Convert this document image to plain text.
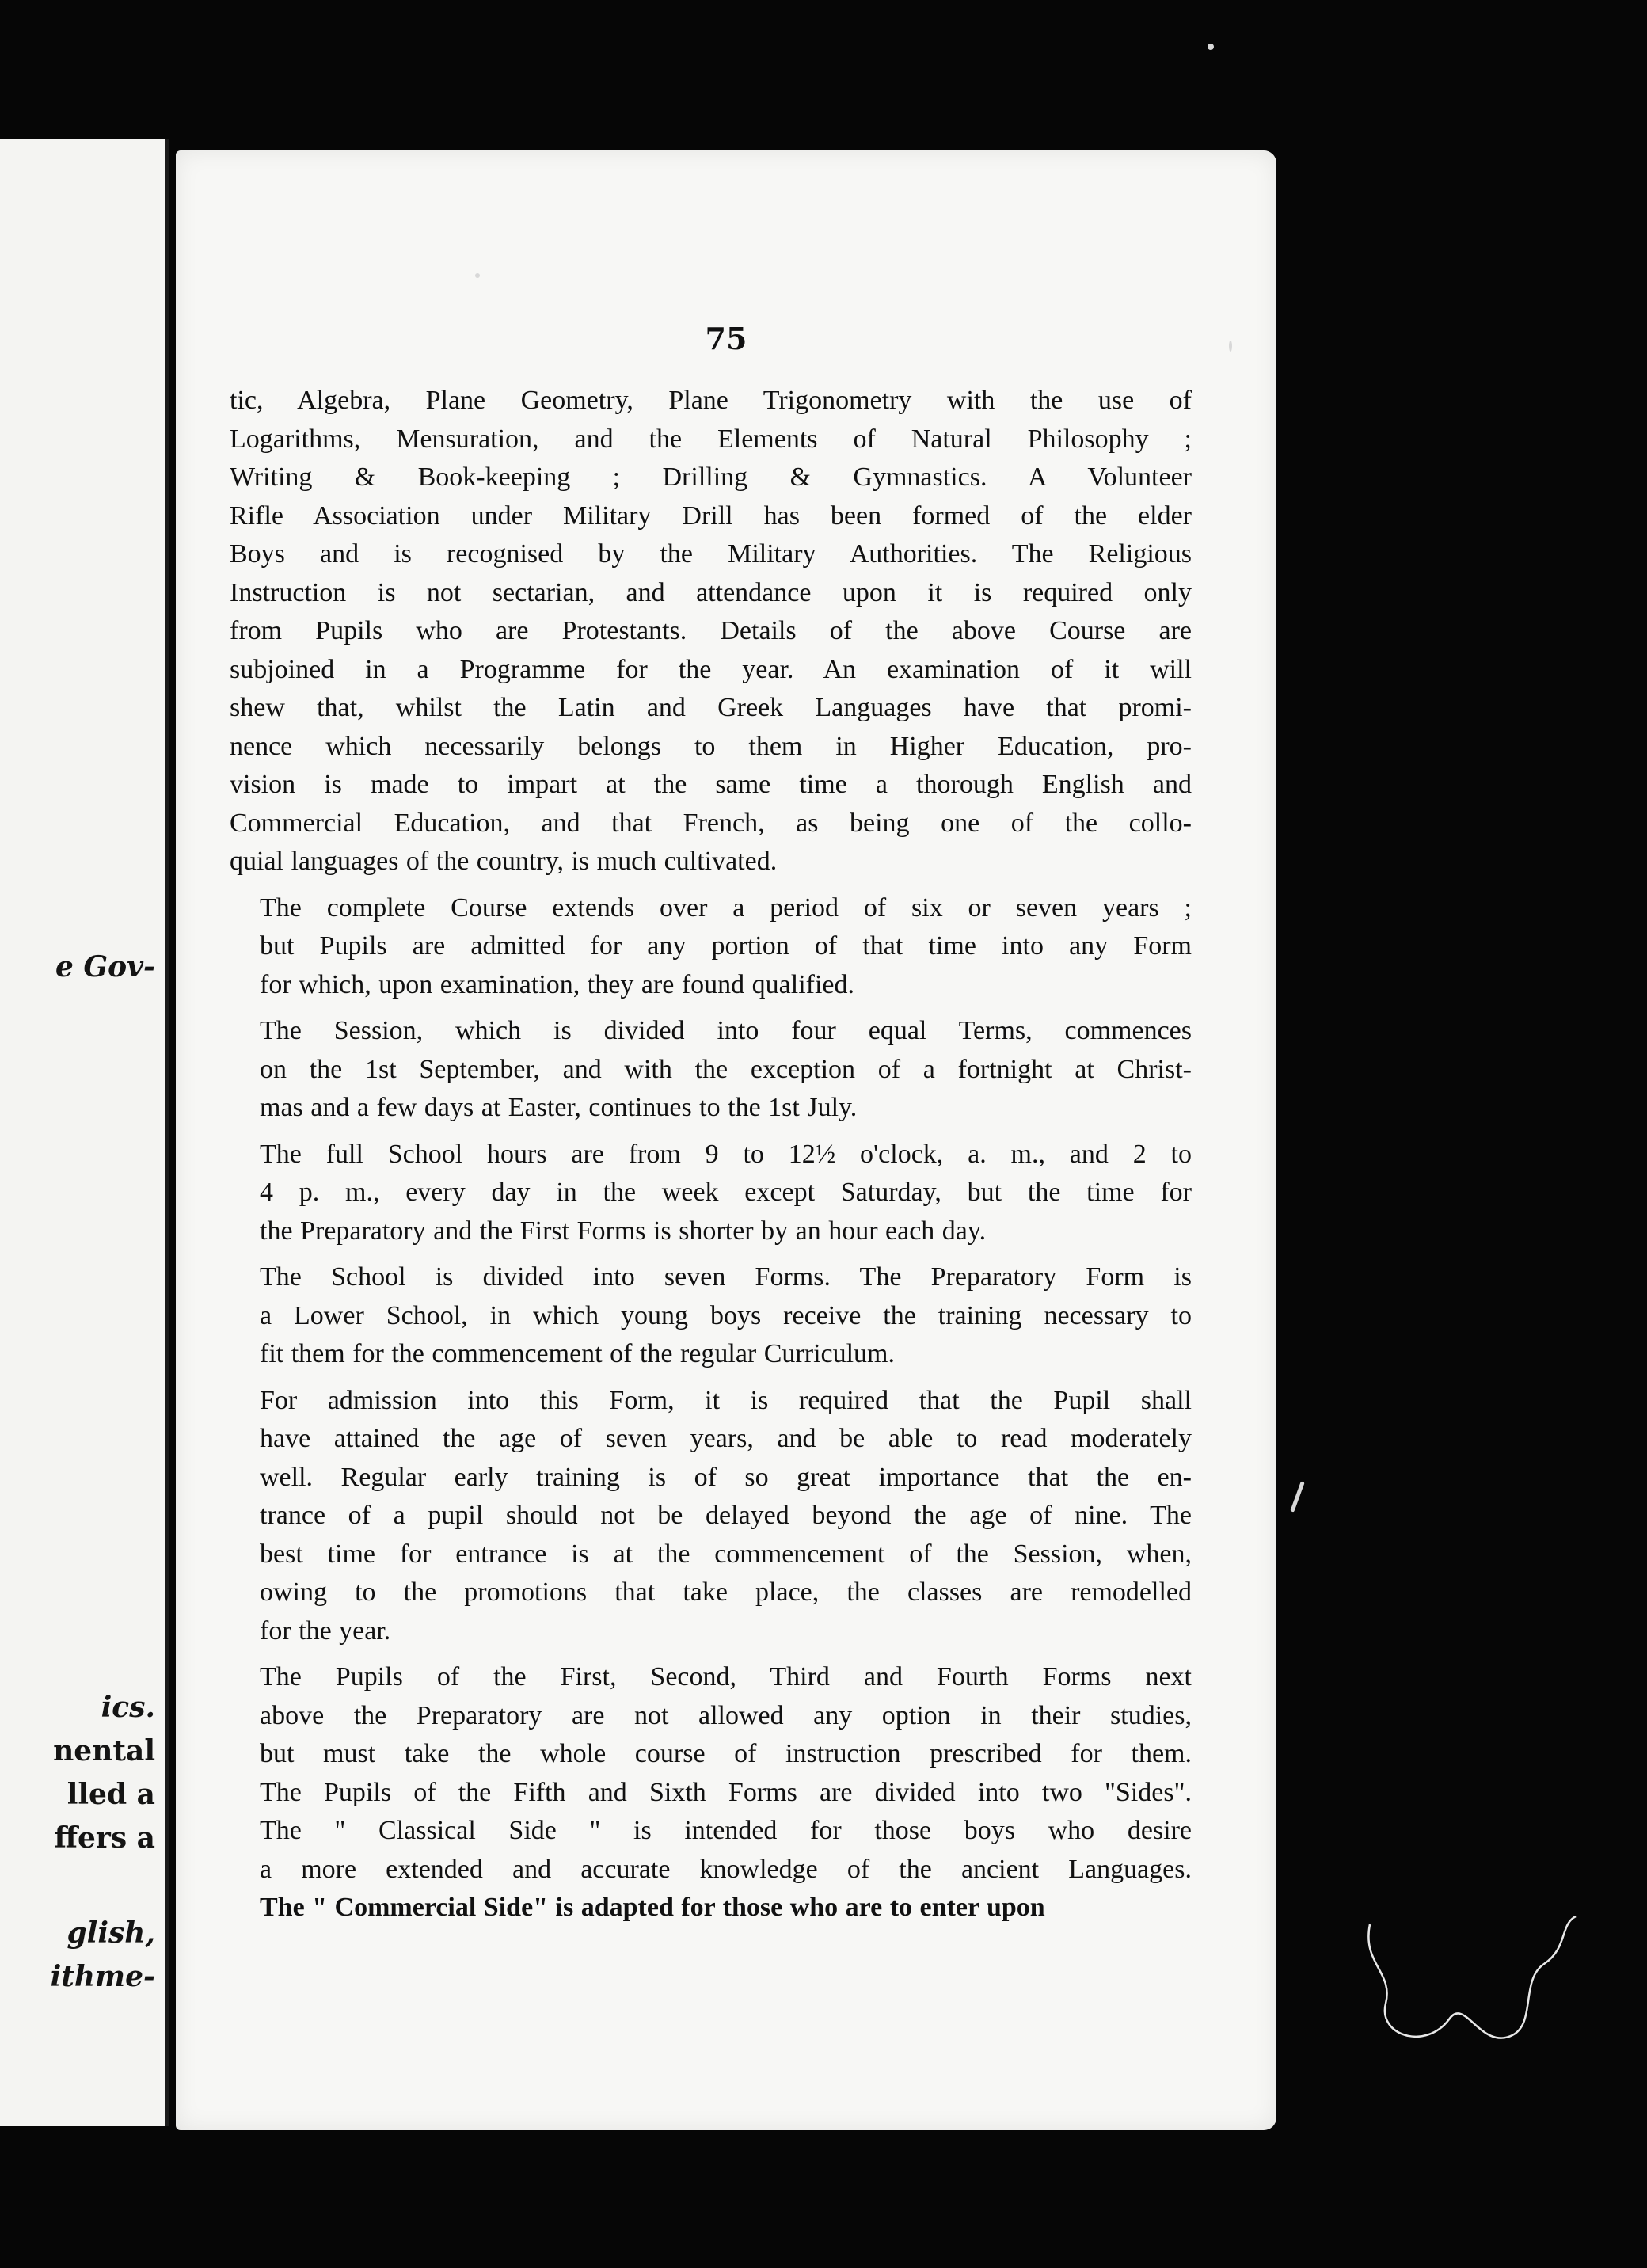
e Gov-
ics.
nental
lled a
ffers a
glish,
ithme-
75
tic, Algebra, Plane Geometry, Plane Trigonometry with the use of
Logarithms, Mensuration, and the Elements of Natural Philosophy ;
Writing & Book-keeping ; Drilling & Gymnastics. A Volunteer
Rifle Association under Military Drill has been formed of the elder
Boys and is recognised by the Military Authorities. The Religious
Instruction is not sectarian, and attendance upon it is required only
from Pupils who are Protestants. Details of the above Course are
subjoined in a Programme for the year. An examination of it will
shew that, whilst the Latin and Greek Languages have that promi-
nence which necessarily belongs to them in Higher Education, pro-
vision is made to impart at the same time a thorough English and
Commercial Education, and that French, as being one of the collo-
quial languages of the country, is much cultivated.
The complete Course extends over a period of six or seven years ;
but Pupils are admitted for any portion of that time into any Form
for which, upon examination, they are found qualified.
The Session, which is divided into four equal Terms, commences
on the 1st September, and with the exception of a fortnight at Christ-
mas and a few days at Easter, continues to the 1st July.
The full School hours are from 9 to 12½ o'clock, a. m., and 2 to
4 p. m., every day in the week except Saturday, but the time for
the Preparatory and the First Forms is shorter by an hour each day.
The School is divided into seven Forms. The Preparatory Form is
a Lower School, in which young boys receive the training necessary to
fit them for the commencement of the regular Curriculum.
For admission into this Form, it is required that the Pupil shall
have attained the age of seven years, and be able to read moderately
well. Regular early training is of so great importance that the en-
trance of a pupil should not be delayed beyond the age of nine. The
best time for entrance is at the commencement of the Session, when,
owing to the promotions that take place, the classes are remodelled
for the year.
The Pupils of the First, Second, Third and Fourth Forms next
above the Preparatory are not allowed any option in their studies,
but must take the whole course of instruction prescribed for them.
The Pupils of the Fifth and Sixth Forms are divided into two "Sides".
The " Classical Side " is intended for those boys who desire
a more extended and accurate knowledge of the ancient Languages.
The " Commercial Side" is adapted for those who are to enter upon
